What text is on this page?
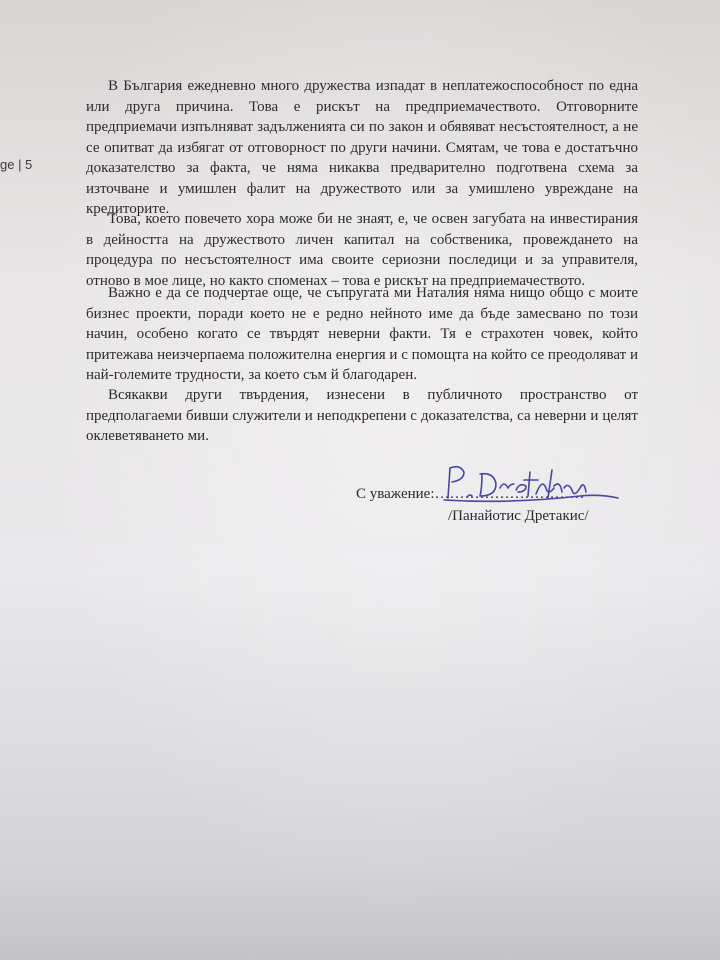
ge | 5

В България ежедневно много дружества изпадат в неплатежоспособност по една или друга причина. Това е рискът на предприемачеството. Отговорните предприемачи изпълняват задълженията си по закон и обявяват несъстоятелност, а не се опитват да избягат от отговорност по други начини. Смятам, че това е достатъчно доказателство за факта, че няма никаква предварително подготвена схема за източване и умишлен фалит на дружеството или за умишлено увреждане на кредиторите.

Това, което повечето хора може би не знаят, е, че освен загубата на инвестирания в дейността на дружеството личен капитал на собственика, провеждането на процедура по несъстоятелност има своите сериозни последици и за управителя, отново в мое лице, но както споменах – това е рискът на предприемачеството.

Важно е да се подчертае още, че съпругата ми Наталия няма нищо общо с моите бизнес проекти, поради което не е редно нейното име да бъде замесвано по този начин, особено когато се твърдят неверни факти. Тя е страхотен човек, който притежава неизчерпаема положителна енергия и с помощта на който се преодоляват и най-големите трудности, за което съм й благодарен.

Всякакви други твърдения, изнесени в публичното пространство от предполагаеми бивши служители и неподкрепени с доказателства, са неверни и целят оклеветяването ми.

С уважение:…………………………
/Панайотис Дретакис/
